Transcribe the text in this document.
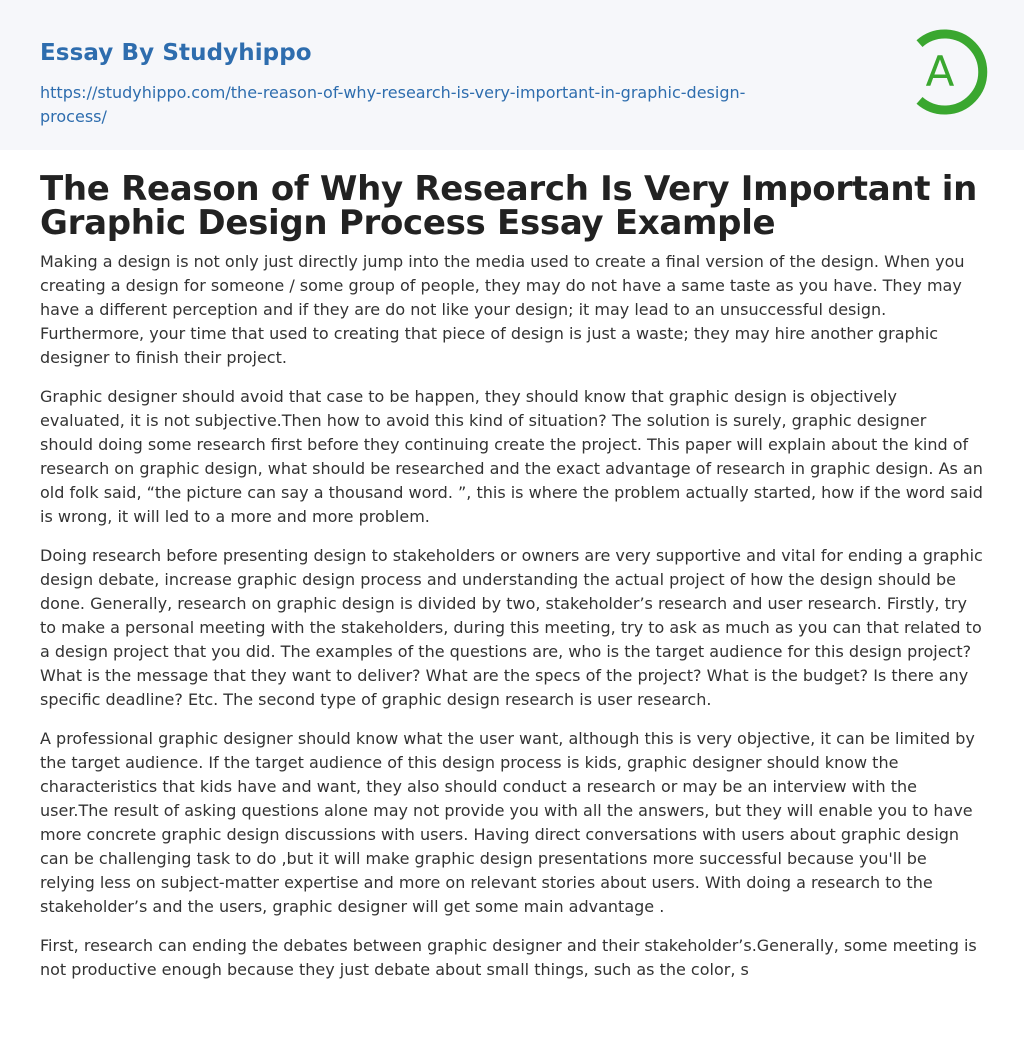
Essay By Studyhippo
https://studyhippo.com/the-reason-of-why-research-is-very-important-in-graphic-design-process/
A
The Reason of Why Research Is Very Important in Graphic Design Process Essay Example

Making a design is not only just directly jump into the media used to create a final version of the design. When you creating a design for someone / some group of people, they may do not have a same taste as you have. They may have a different perception and if they are do not like your design; it may lead to an unsuccessful design. Furthermore, your time that used to creating that piece of design is just a waste; they may hire another graphic designer to finish their project.

Graphic designer should avoid that case to be happen, they should know that graphic design is objectively evaluated, it is not subjective.Then how to avoid this kind of situation? The solution is surely, graphic designer should doing some research first before they continuing create the project. This paper will explain about the kind of research on graphic design, what should be researched and the exact advantage of research in graphic design. As an old folk said, “the picture can say a thousand word. ”, this is where the problem actually started, how if the word said is wrong, it will led to a more and more problem.

Doing research before presenting design to stakeholders or owners are very supportive and vital for ending a graphic design debate, increase graphic design process and understanding the actual project of how the design should be done. Generally, research on graphic design is divided by two, stakeholder’s research and user research. Firstly, try to make a personal meeting with the stakeholders, during this meeting, try to ask as much as you can that related to a design project that you did. The examples of the questions are, who is the target audience for this design project?What is the message that they want to deliver? What are the specs of the project? What is the budget? Is there any specific deadline? Etc. The second type of graphic design research is user research.

A professional graphic designer should know what the user want, although this is very objective, it can be limited by the target audience. If the target audience of this design process is kids, graphic designer should know the characteristics that kids have and want, they also should conduct a research or may be an interview with the user.The result of asking questions alone may not provide you with all the answers, but they will enable you to have more concrete graphic design discussions with users. Having direct conversations with users about graphic design can be challenging task to do ,but it will make graphic design presentations more successful because you'll be relying less on subject-matter expertise and more on relevant stories about users. With doing a research to the stakeholder’s and the users, graphic designer will get some main advantage .

First, research can ending the debates between graphic designer and their stakeholder’s.Generally, some meeting is not productive enough because they just debate about small things, such as the color, s
